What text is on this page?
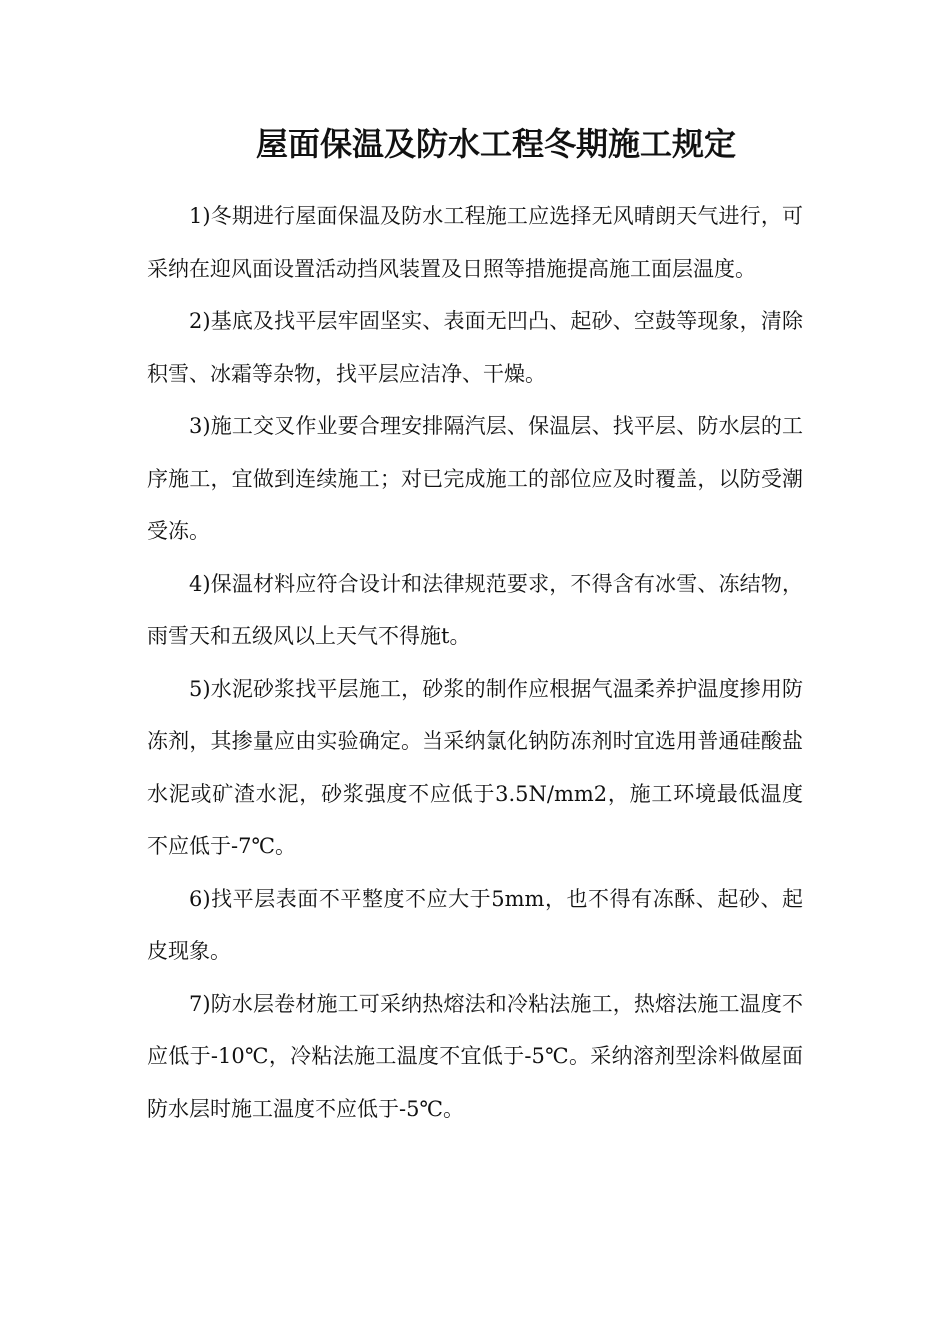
屋面保温及防水工程冬期施工规定

1)冬期进行屋面保温及防水工程施工应选择无风晴朗天气进行，可采纳在迎风面设置活动挡风装置及日照等措施提高施工面层温度。

2)基底及找平层牢固坚实、表面无凹凸、起砂、空鼓等现象，清除积雪、冰霜等杂物，找平层应洁净、干燥。

3)施工交叉作业要合理安排隔汽层、保温层、找平层、防水层的工序施工，宜做到连续施工；对已完成施工的部位应及时覆盖，以防受潮受冻。

4)保温材料应符合设计和法律规范要求，不得含有冰雪、冻结物，雨雪天和五级风以上天气不得施t。

5)水泥砂浆找平层施工，砂浆的制作应根据气温柔养护温度掺用防冻剂，其掺量应由实验确定。当采纳氯化钠防冻剂时宜选用普通硅酸盐水泥或矿渣水泥，砂浆强度不应低于3.5N/mm2，施工环境最低温度不应低于-7℃。

6)找平层表面不平整度不应大于5mm，也不得有冻酥、起砂、起皮现象。

7)防水层卷材施工可采纳热熔法和冷粘法施工，热熔法施工温度不应低于-10℃，冷粘法施工温度不宜低于-5℃。采纳溶剂型涂料做屋面防水层时施工温度不应低于-5℃。
